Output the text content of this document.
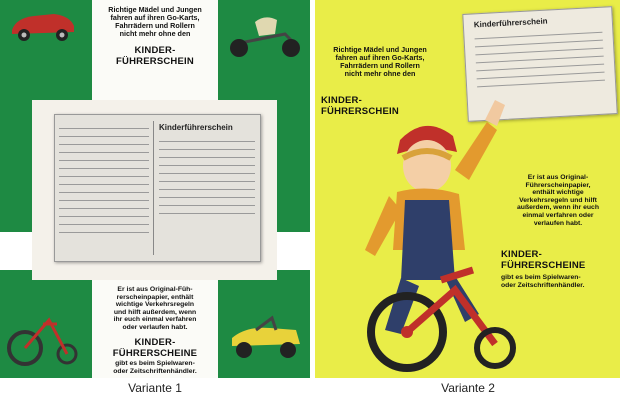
Richtige Mädel und Jungen
fahren auf ihren Go-Karts,
Fahrrädern und Rollern
nicht mehr ohne den
KINDER-
FÜHRERSCHEIN
Kinderführerschein
Er ist aus Original-Füh-
rerscheinpapier, enthält
wichtige Verkehrsregeln
und hilft außerdem, wenn
ihr euch einmal verfahren
oder verlaufen habt.
KINDER-
FÜHRERSCHEINE
gibt es beim Spielwaren-
oder Zeitschriftenhändler.
Richtige Mädel und Jungen
fahren auf ihren Go-Karts,
Fahrrädern und Rollern
nicht mehr ohne den
KINDER-
FÜHRERSCHEIN
Kinderführerschein
Er ist aus Original-
Führerscheinpapier,
enthält wichtige
Verkehrsregeln und hilft
außerdem, wenn ihr euch
einmal verfahren oder
verlaufen habt.
KINDER-
FÜHRERSCHEINE
gibt es beim Spielwaren-
oder Zeitschriftenhändler.
Variante 1	Variante 2
